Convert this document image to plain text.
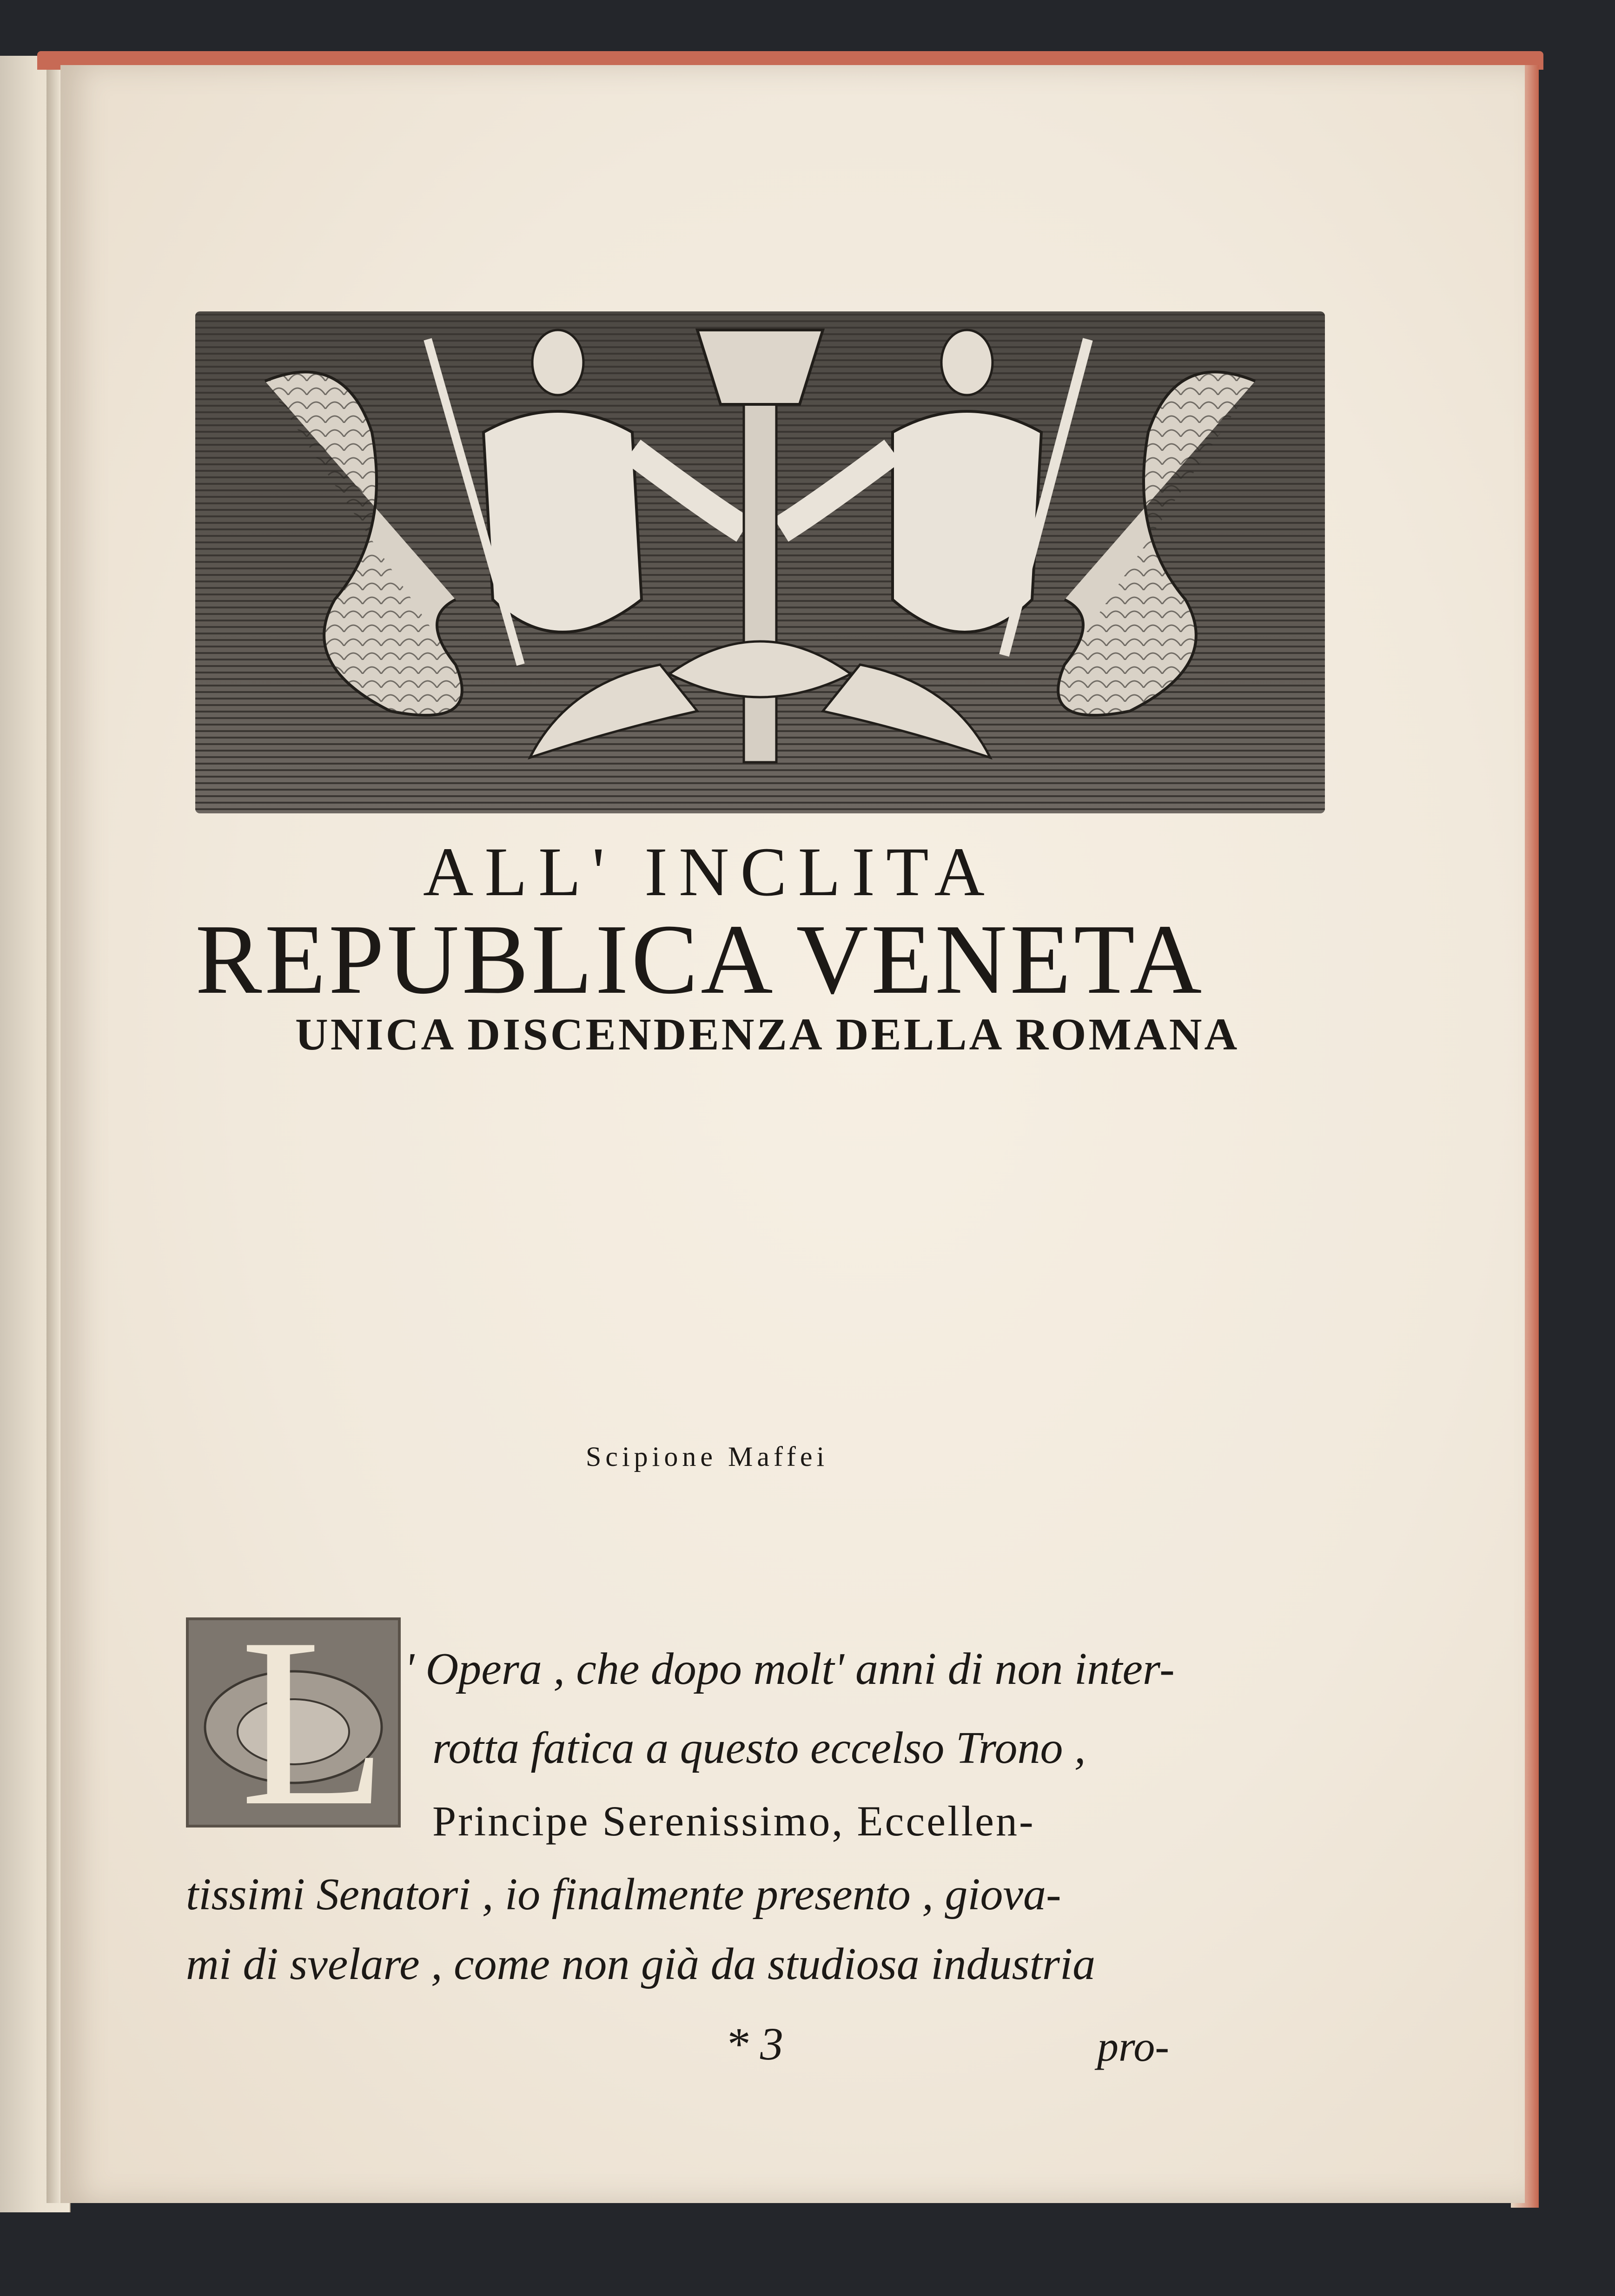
ALL' INCLITA
REPUBLICA VENETA
UNICA DISCENDENZA DELLA ROMANA
Scipione Maffei
L ' Opera , che dopo molt' anni di non inter-
rotta fatica a questo eccelso Trono ,
Principe Serenissimo, Eccellen-
tissimi Senatori , io finalmente presento , giova-
mi di svelare , come non già da studiosa industria
* 3	pro-
